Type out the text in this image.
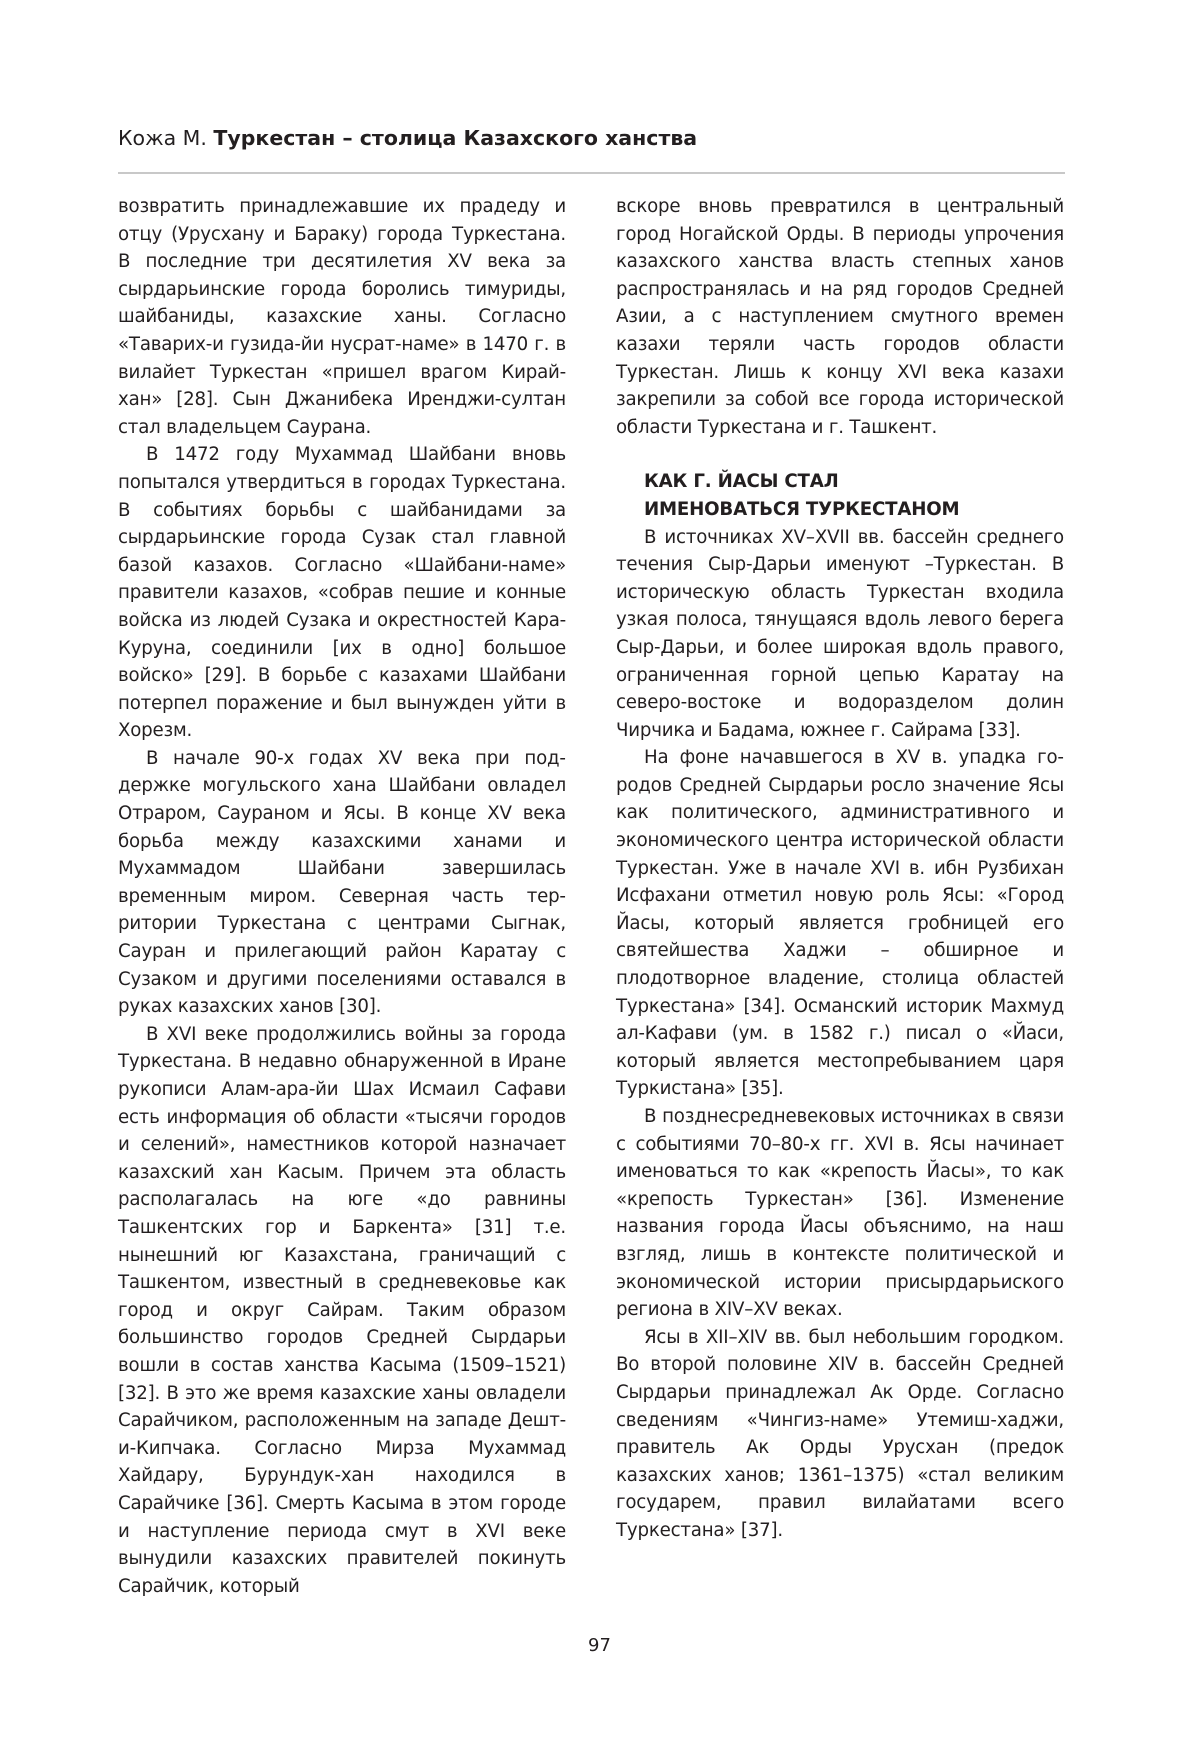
Кожа М. Туркестан – столица Казахского ханства

возвратить принадлежавшие их прадеду и отцу (Урусхану и Бараку) города Туркестана. В последние три десятилетия XV века за сырдарьинские города боролись тимуриды, шайбаниды, казахские ханы. Согласно «Таварих-и гузида-йи нусрат-наме» в 1470 г. в вилайет Туркестан «пришел врагом Кирай-хан» [28]. Сын Джанибека Иренджи-султан стал владельцем Саурана.

В 1472 году Мухаммад Шайбани вновь попытался утвердиться в городах Туркестана. В событиях борьбы с шайбанидами за сырдарьинские города Сузак стал главной базой казахов. Согласно «Шайбани-наме» правители казахов, «собрав пешие и конные войска из людей Сузака и окрестностей Кара-Куруна, соединили [их в одно] большое войско» [29]. В борьбе с казахами Шайбани потерпел поражение и был вынужден уйти в Хорезм.

В начале 90-х годах XV века при поддержке могульского хана Шайбани овладел Отраром, Саураном и Ясы. В конце XV века борьба между казахскими ханами и Мухаммадом Шайбани завершилась временным миром. Северная часть территории Туркестана с центрами Сыгнак, Сауран и прилегающий район Каратау с Сузаком и другими поселениями оставался в руках казахских ханов [30].

В XVI веке продолжились войны за города Туркестана. В недавно обнаруженной в Иране рукописи Алам-ара-йи Шах Исмаил Сафави есть информация об области «тысячи городов и селений», наместников которой назначает казахский хан Касым. Причем эта область располагалась на юге «до равнины Ташкентских гор и Баркента» [31] т.е. нынешний юг Казахстана, граничащий с Ташкентом, известный в средневековье как город и округ Сайрам. Таким образом большинство городов Средней Сырдарьи вошли в состав ханства Касыма (1509–1521) [32]. В это же время казахские ханы овладели Сарайчиком, расположенным на западе Дешт-и-Кипчака. Согласно Мирза Мухаммад Хайдару, Бурундук-хан находился в Сарайчике [36]. Смерть Касыма в этом городе и наступление периода смут в XVI веке вынудили казахских правителей покинуть Сарайчик, который

вскоре вновь превратился в центральный город Ногайской Орды. В периоды упрочения казахского ханства власть степных ханов распространялась и на ряд городов Средней Азии, а с наступлением смутного времен казахи теряли часть городов области Туркестан. Лишь к концу XVI века казахи закрепили за собой все города исторической области Туркестана и г. Ташкент.

КАК Г. ЙАСЫ СТАЛ
ИМЕНОВАТЬСЯ ТУРКЕСТАНОМ

В источниках XV–XVII вв. бассейн среднего течения Сыр-Дарьи именуют –Туркестан. В историческую область Туркестан входила узкая полоса, тянущаяся вдоль левого берега Сыр-Дарьи, и более широкая вдоль правого, ограниченная горной цепью Каратау на северо-востоке и водоразделом долин Чирчика и Бадама, южнее г. Сайрама [33].

На фоне начавшегося в XV в. упадка городов Средней Сырдарьи росло значение Ясы как политического, административного и экономического центра исторической области Туркестан. Уже в начале XVI в. ибн Рузбихан Исфахани отметил новую роль Ясы: «Город Йасы, который является гробницей его святейшества Хаджи – обширное и плодотворное владение, столица областей Туркестана» [34]. Османский историк Махмуд ал-Кафави (ум. в 1582 г.) писал о «Йаси, который является местопребыванием царя Туркистана» [35].

В позднесредневековых источниках в связи с событиями 70–80-х гг. XVI в. Ясы начинает именоваться то как «крепость Йасы», то как «крепость Туркестан» [36]. Изменение названия города Йасы объяснимо, на наш взгляд, лишь в контексте политической и экономической истории присырдарьиского региона в XIV–XV веках.

Ясы в XII–XIV вв. был небольшим городком. Во второй половине XIV в. бассейн Средней Сырдарьи принадлежал Ак Орде. Согласно сведениям «Чингиз-наме» Утемиш-хаджи, правитель Ак Орды Урусхан (предок казахских ханов; 1361–1375) «стал великим государем, правил вилайатами всего Туркестана» [37].

97
